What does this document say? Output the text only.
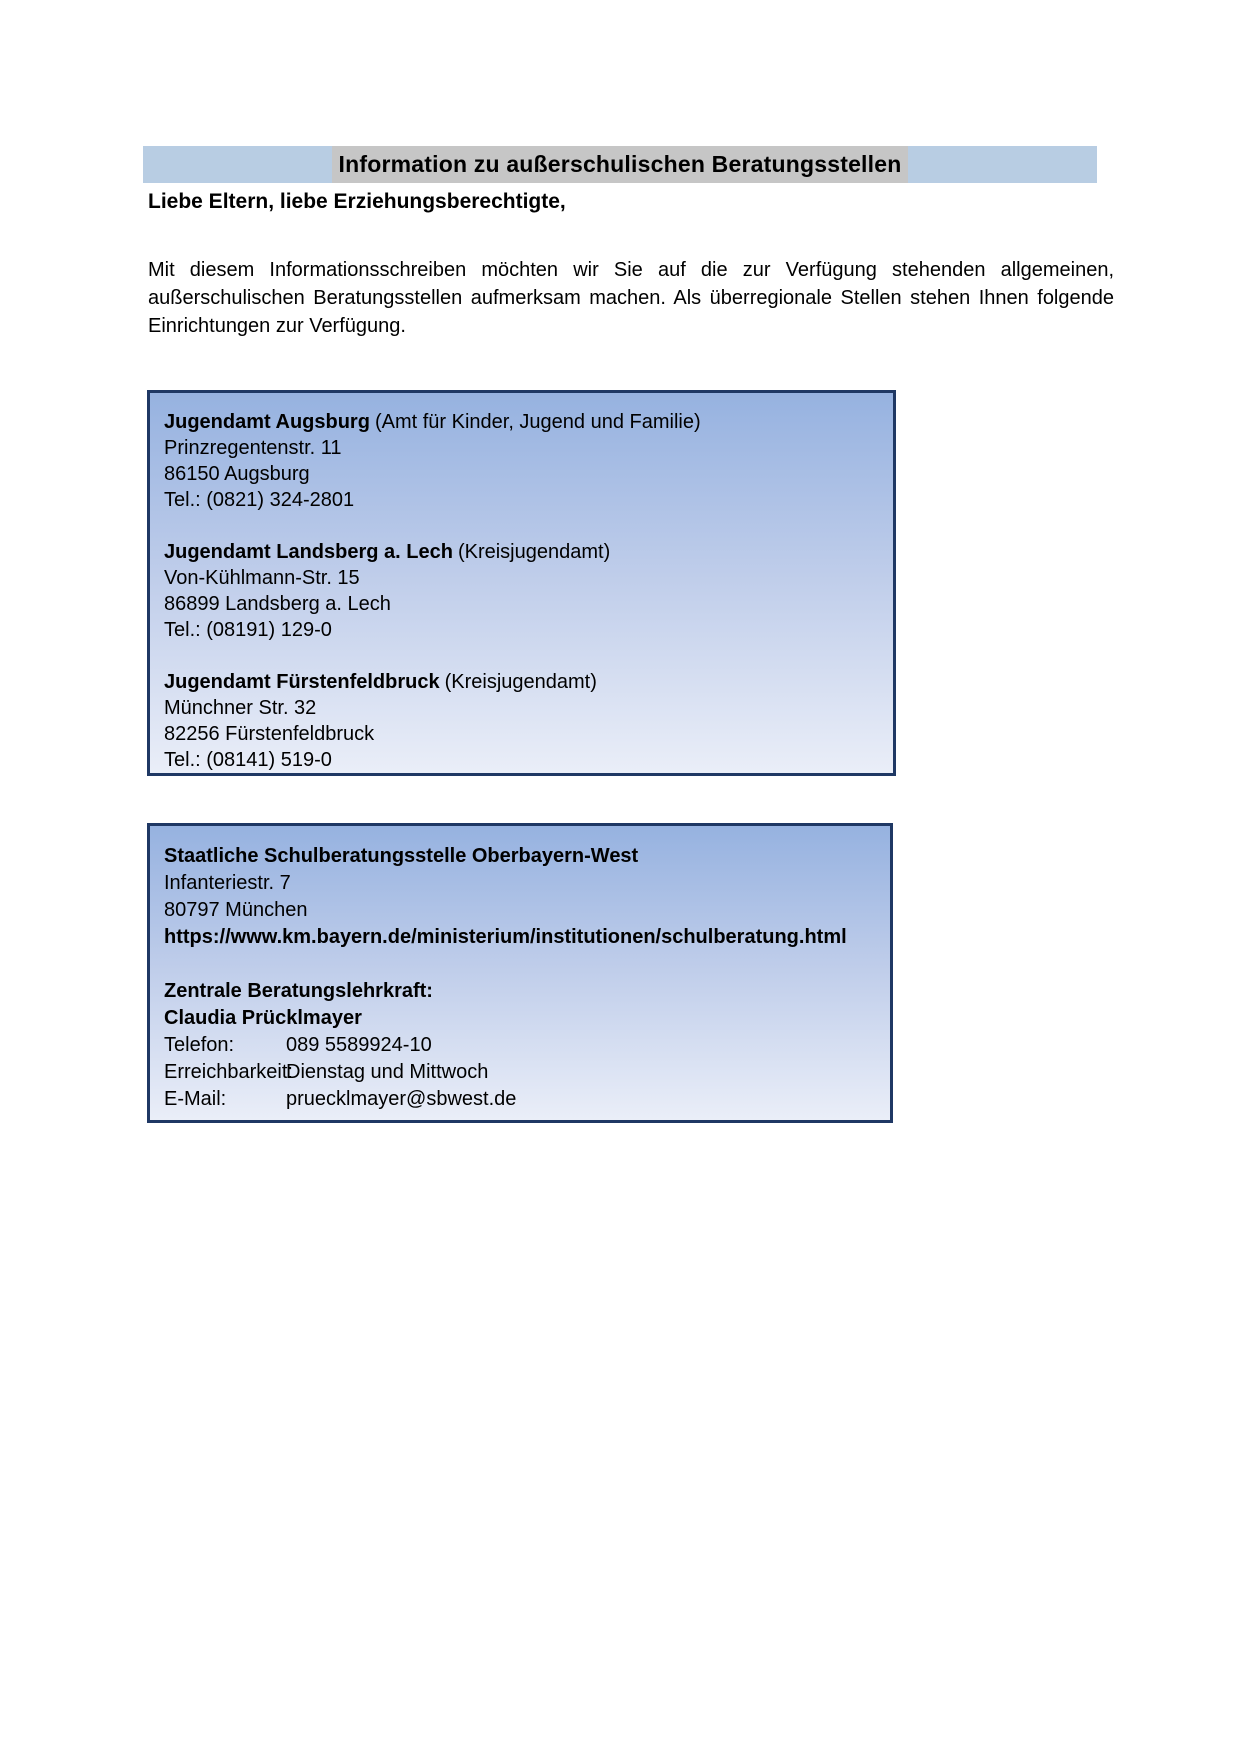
Information zu außerschulischen Beratungsstellen
Liebe Eltern, liebe Erziehungsberechtigte,

Mit diesem Informationsschreiben möchten wir Sie auf die zur Verfügung stehenden allgemeinen, außerschulischen Beratungsstellen aufmerksam machen. Als überregionale Stellen stehen Ihnen folgende Einrichtungen zur Verfügung.

Jugendamt Augsburg (Amt für Kinder, Jugend und Familie)
Prinzregentenstr. 11
86150 Augsburg
Tel.: (0821) 324-2801
Jugendamt Landsberg a. Lech (Kreisjugendamt)
Von-Kühlmann-Str. 15
86899 Landsberg a. Lech
Tel.: (08191) 129-0
Jugendamt Fürstenfeldbruck (Kreisjugendamt)
Münchner Str. 32
82256 Fürstenfeldbruck
Tel.: (08141) 519-0
Staatliche Schulberatungsstelle Oberbayern-West
Infanteriestr. 7
80797 München
https://www.km.bayern.de/ministerium/institutionen/schulberatung.html
Zentrale Beratungslehrkraft:
Claudia Prücklmayer
Telefon:	089 5589924-10
Erreichbarkeit:Dienstag und Mittwoch
E-Mail:	pruecklmayer@sbwest.de
